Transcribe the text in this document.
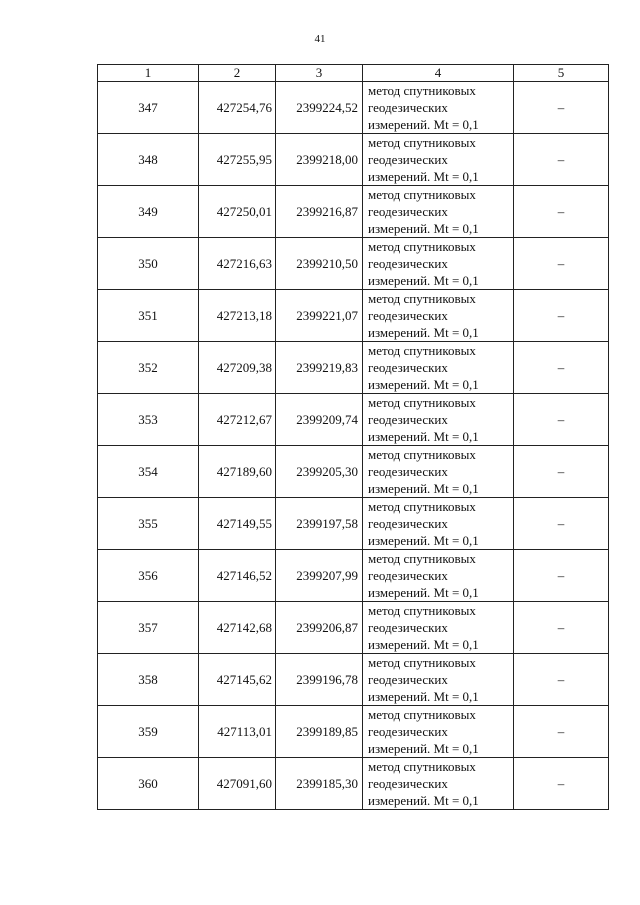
41
1	2	3	4	5
347	427254,76	2399224,52	метод спутниковых
геодезических
измерений. Mt = 0,1	–
348	427255,95	2399218,00	метод спутниковых
геодезических
измерений. Mt = 0,1	–
349	427250,01	2399216,87	метод спутниковых
геодезических
измерений. Mt = 0,1	–
350	427216,63	2399210,50	метод спутниковых
геодезических
измерений. Mt = 0,1	–
351	427213,18	2399221,07	метод спутниковых
геодезических
измерений. Mt = 0,1	–
352	427209,38	2399219,83	метод спутниковых
геодезических
измерений. Mt = 0,1	–
353	427212,67	2399209,74	метод спутниковых
геодезических
измерений. Mt = 0,1	–
354	427189,60	2399205,30	метод спутниковых
геодезических
измерений. Mt = 0,1	–
355	427149,55	2399197,58	метод спутниковых
геодезических
измерений. Mt = 0,1	–
356	427146,52	2399207,99	метод спутниковых
геодезических
измерений. Mt = 0,1	–
357	427142,68	2399206,87	метод спутниковых
геодезических
измерений. Mt = 0,1	–
358	427145,62	2399196,78	метод спутниковых
геодезических
измерений. Mt = 0,1	–
359	427113,01	2399189,85	метод спутниковых
геодезических
измерений. Mt = 0,1	–
360	427091,60	2399185,30	метод спутниковых
геодезических
измерений. Mt = 0,1	–
